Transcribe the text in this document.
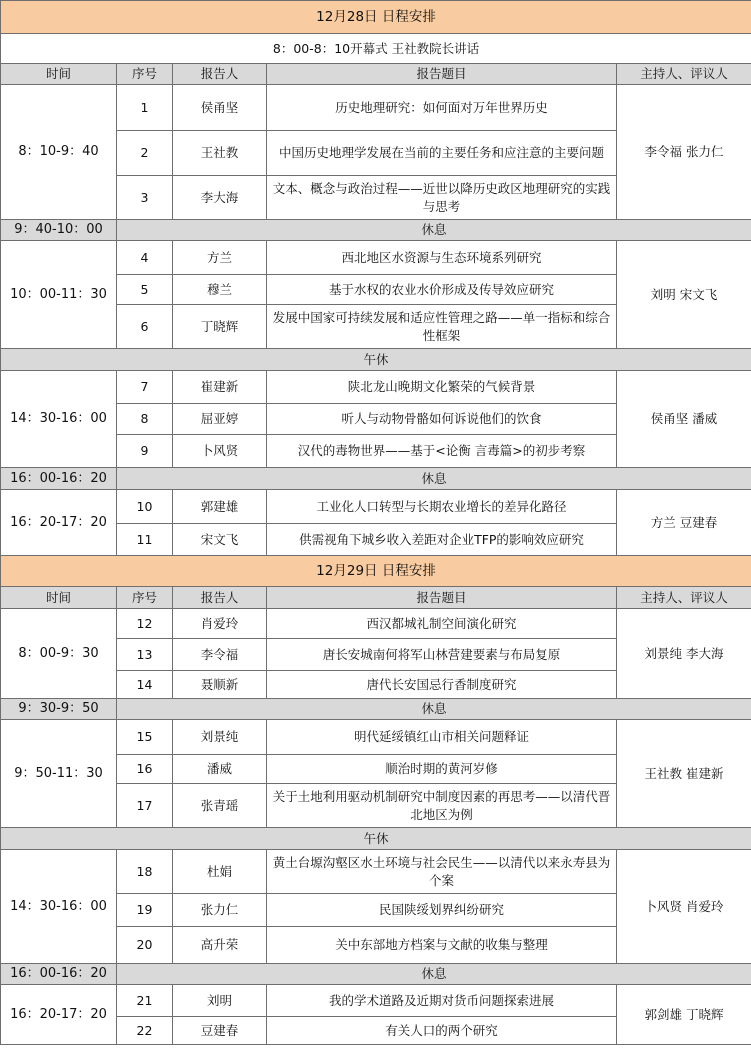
12月28日 日程安排				
8：00-8：10开幕式 王社教院长讲话				
时间	序号	报告人	报告题目	主持人、评议人
8：10-9：40	1	侯甬坚	历史地理研究：如何面对万年世界历史	李令福 张力仁
	2	王社教	中国历史地理学发展在当前的主要任务和应注意的主要问题	
	3	李大海	文本、概念与政治过程——近世以降历史政区地理研究的实践与思考	
9：40-10：00	休息			
10：00-11：30	4	方兰	西北地区水资源与生态环境系列研究	刘明 宋文飞
	5	穆兰	基于水权的农业水价形成及传导效应研究	
	6	丁晓辉	发展中国家可持续发展和适应性管理之路——单一指标和综合性框架	
午休				
14：30-16：00	7	崔建新	陕北龙山晚期文化繁荣的气候背景	侯甬坚 潘威
	8	屈亚婷	听人与动物骨骼如何诉说他们的饮食	
	9	卜风贤	汉代的毒物世界——基于<论衡 言毒篇>的初步考察	
16：00-16：20	休息			
16：20-17：20	10	郭建雄	工业化人口转型与长期农业增长的差异化路径	方兰 豆建春
	11	宋文飞	供需视角下城乡收入差距对企业TFP的影响效应研究	
12月29日 日程安排				
时间	序号	报告人	报告题目	主持人、评议人
8：00-9：30	12	肖爱玲	西汉都城礼制空间演化研究	刘景纯 李大海
	13	李令福	唐长安城南何将军山林营建要素与布局复原	
	14	聂顺新	唐代长安国忌行香制度研究	
9：30-9：50	休息			
9：50-11：30	15	刘景纯	明代延绥镇红山市相关问题释证	王社教 崔建新
	16	潘威	顺治时期的黄河岁修	
	17	张青瑶	关于土地利用驱动机制研究中制度因素的再思考——以清代晋北地区为例	
午休				
14：30-16：00	18	杜娟	黄土台塬沟壑区水土环境与社会民生——以清代以来永寿县为个案	卜风贤 肖爱玲
	19	张力仁	民国陕绥划界纠纷研究	
	20	高升荣	关中东部地方档案与文献的收集与整理	
16：00-16：20	休息			
16：20-17：20	21	刘明	我的学术道路及近期对货币问题探索进展	郭剑雄 丁晓辉
	22	豆建春	有关人口的两个研究	
